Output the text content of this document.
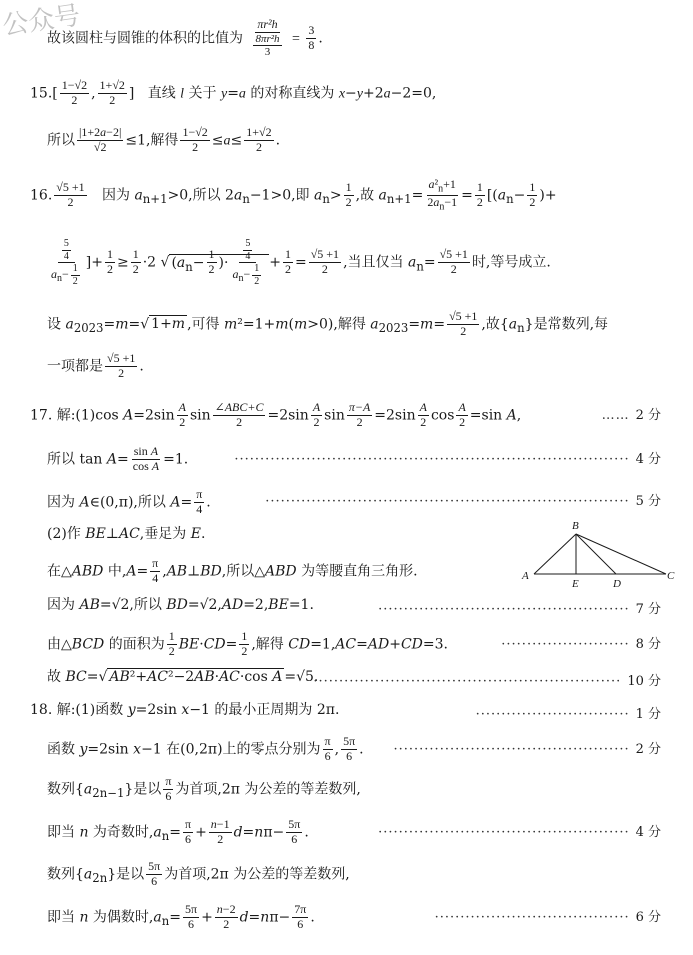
公众号
故该圆柱与圆锥的体积的比值为 $\frac{\text{πr²h}}{\frac{\text{8πr²h}}{3}} = \frac{3}{8}$ .
$15.[ \frac{1-√2}{2}$ , $\frac{1+√2}{2}$ ]   直线 l 关于 y=a 的对称直线为 x−y+2a−2=0,
所以 $\frac{|1+2a-2|}{√2} \le 1$,解得 $\frac{1-√2}{2} \le a\le \frac{1+√2}{2}$ .
16. $\frac{√5 +1}{2}$ 因为 $a_{n+1}>0$,所以 $2a_n-1>0$,即 $a_n> \frac{1}{2}$ ,故 $a_{n+1}= \frac{a^2_n+1}{2a_n-1} = \frac{1}{2} [(a_n- \frac{1}{2}$ )+
$\frac{\frac{5}{4}}{a_n- \frac{1}{2}}$ ]+ $\frac{1}{2} \ge \frac{1}{2} \cdot 2$ √ ($a_n- \frac{1}{2}$ )· $\frac{\frac{5}{4}}{a_n- \frac{1}{2}} + \frac{1}{2} = \frac{√5 +1}{2}$ ,当且仅当 $a_n= \frac{√5 +1}{2}$ 时,等号成立.
设 $a_{2023}=m=√$ 1+m ,可得 m²=1+m(m>0),解得 $a_{2023}=m= \frac{√5 +1}{2}$ ,故$\{a_n\}$是常数列,每
一项都是 $\frac{√5 +1}{2}$ .
17. 解:(1)cos $A=2\sin \frac{A}{2}$ $\sin \frac{\text{∠ABC+C}}{2} =2\sin \frac{A}{2}$ $\sin \frac{\pi-A}{2} =2\sin \frac{A}{2}$ $\cos \frac{A}{2} =\sin$ A,	…… 2 分
所以 $\tan A= \frac{\text{sin A}}{\text{cos A}} =1$.	············································································· 4 分
因为 A∈(0,π),所以 $A= \frac{\pi}{4}$ .	······································································· 5 分
(2)作 BE⊥AC,垂足为 E.
在△ABD 中$,A= \frac{\pi}{4}$ ,AB⊥BD,所以△ABD 为等腰直角三角形.
因为 AB=√2,所以 BD=√2,AD=2,BE=1.	················································· 7 分
由△BCD 的面积为 $\frac{1}{2} BE\cdot CD= \frac{1}{2}$ ,解得 CD=1,AC=AD+CD=3.	························· 8 分
故 BC=√ AB²+AC²−2AB·AC·cos A =√5.
···························································· 10 分
B
A
E	D
C
18. 解:(1)函数 y=2sin x−1 的最小正周期为 2π.	······························ 1 分
函数 y=2sin x−1 在(0,2π)上的零点分别为 $\frac{\pi}{6}$ , $\frac{5\pi}{6}$ . ·············································· 2 分
数列$\{a_{2n-1}\}$是以 $\frac{\pi}{6}$ 为首项,2π 为公差的等差数列,
即当 n 为奇数时$,a_n= \frac{\pi}{6} + \frac{n-1}{2} d=n\pi- \frac{5\pi}{6}$ .	················································· 4 分
数列$\{a_{2n}\}$是以 $\frac{5\pi}{6}$ 为首项,2π 为公差的等差数列,
即当 n 为偶数时$,a_n= \frac{5\pi}{6} + \frac{n-2}{2} d=n\pi- \frac{7\pi}{6}$ .	······································ 6 分
